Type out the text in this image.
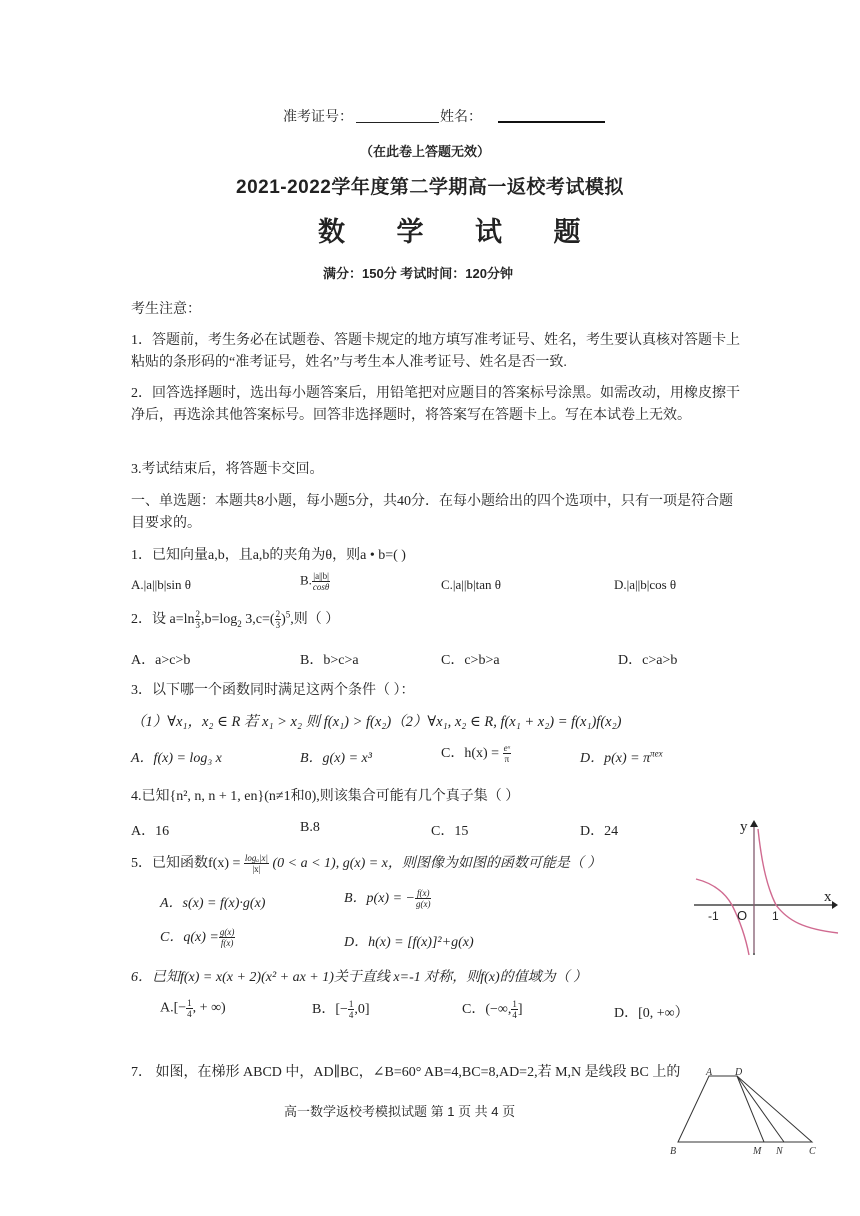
准考证号：	姓名：
（在此卷上答题无效）
2021-2022学年度第二学期高一返校考试模拟
数 学 试 题
满分：150分 考试时间：120分钟
考生注意：
1．答题前，考生务必在试题卷、答题卡规定的地方填写准考证号、姓名，考生要认真核对答题卡上粘贴的条形码的“准考证号，姓名”与考生本人准考证号、姓名是否一致.
2．回答选择题时，选出每小题答案后，用铅笔把对应题目的答案标号涂黑。如需改动，用橡皮擦干净后，再选涂其他答案标号。回答非选择题时，将答案写在答题卡上。写在本试卷上无效。
3.考试结束后，将答题卡交回。
一、单选题：本题共8小题，每小题5分，共40分．在每小题给出的四个选项中，只有一项是符合题目要求的。
1．已知向量a,b，且a,b的夹角为θ，则a • b=( )
A.|a||b|sin θ	B. $\frac{|a||b|}{\cos\theta}$	C.|a||b|tan θ	D.|a||b|cos θ
2．设 $a=\ln \frac{2}{3} ,b=\log_2$ $3,c=( \frac{2}{3} )^5$,则（ ）
A．a>c>b	B．b>c>a	C．c>b>a	D．c>a>b
3．以下哪一个函数同时满足这两个条件（ ）：
（1）∀x₁，x₂ ∈ R 若 x₁ > x₂ 则 f(x₁) > f(x₂)（2）∀x₁, x₂ ∈ R, f(x₁ + x₂) = f(x₁)f(x₂)
A．f(x) = log₃ x	B．g(x) = x³	C．$h(x) = \frac{\text{eˣ}}{\pi}$	D．$p(x) = \pi^{\pi ex}$
4.已知{n², n, n + 1, en}(n≠1和0),则该集合可能有几个真子集（ ）
A．16	B.8	C．15	D．24
5．已知函数$f(x) = \frac{\text{logₐ|x|}}{|x|} (0 < a < 1)$, g(x) = x，则图像为如图的函数可能是（ ）
A．s(x) = f(x)·g(x)	B．p(x) = − $\frac{f(x)}{g(x)}$
C．$q(x) = \frac{g(x)}{f(x)}$	D．h(x) = [f(x)]²+g(x)
y
x
O
-1	1
6．已知f(x) = x(x + 2)(x² + ax + 1)关于直线 x=-1 对称，则f(x)的值域为（ ）
$A.[- \frac{1}{4}$ , + ∞)	B．[− $\frac{1}{4} ,0$]	C．(−∞, $\frac{1}{4}$ ]	D．[0, +∞）
7． 如图，在梯形 ABCD 中，AD∥BC，∠B=60° AB=4,BC=8,AD=2,若 M,N 是线段 BC 上的	A D
B	M N	C
高一数学返校考模拟试题 第 1 页 共 4 页
